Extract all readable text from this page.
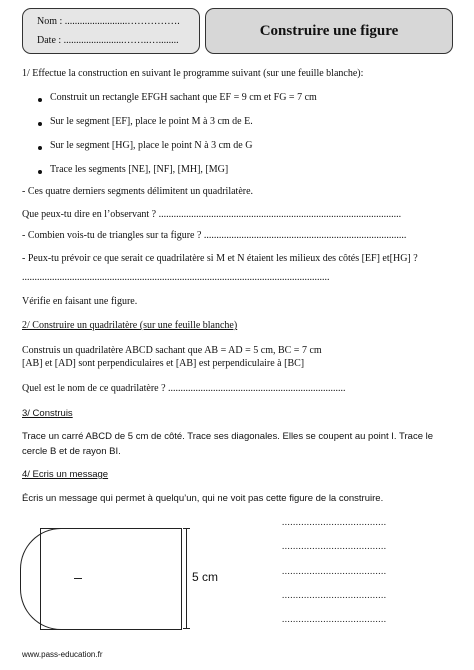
Nom : .........................…………….
Date : ........................……..…........
Construire une figure
1/ Effectue la construction en suivant le programme suivant (sur une feuille blanche):
Construit un rectangle EFGH sachant que EF = 9 cm et FG = 7 cm
Sur le segment [EF], place le point M à 3 cm de E.
Sur le segment [HG], place le point N à 3 cm de G
Trace les segments [NE], [NF], [MH], [MG]
- Ces quatre derniers segments délimitent un quadrilatère.
Que peux-tu dire en l’observant ? .................................................................................................
- Combien vois-tu de triangles sur ta figure ? .................................................................................
- Peux-tu prévoir ce que serait ce quadrilatère si M et N étaient les milieux des côtés [EF] et[HG] ?
...........................................................................................................................
Vérifie en faisant une figure.
2/ Construire un quadrilatère (sur une feuille blanche)
Construis un quadrilatère ABCD sachant que AB = AD = 5 cm, BC = 7 cm
[AB] et [AD] sont perpendiculaires et [AB] est perpendiculaire à [BC]
Quel est le nom de ce quadrilatère ? .......................................................................
3/ Construis
Trace un carré ABCD de 5 cm de côté. Trace ses diagonales. Elles se coupent au point I. Trace le
cercle B et de rayon BI.
4/ Ecris un message
Écris un message qui permet à quelqu’un, qui ne voit pas cette figure de la construire.
5 cm
......................................
......................................
......................................
......................................
......................................
www.pass-education.fr
